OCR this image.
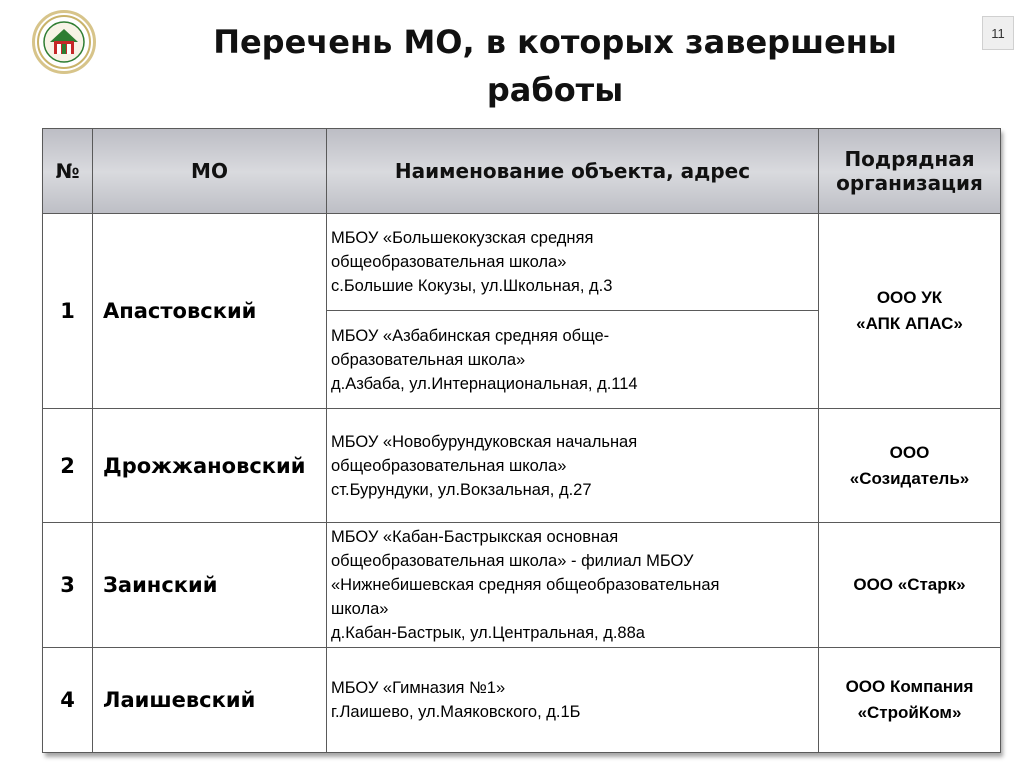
Перечень МО, в которых завершены работы
11
№	МО	Наименование объекта, адрес	Подрядная
организация

1	Апастовский	МБОУ «Большекокузская средняя
общеобразовательная школа»
с.Большие Кокузы, ул.Школьная, д.3	ООО УК
«АПК АПАС»

		МБОУ «Азбабинская средняя обще-
образовательная школа»
д.Азбаба, ул.Интернациональная, д.114	

2	Дрожжановский	МБОУ «Новобурундуковская начальная
общеобразовательная школа»
ст.Бурундуки, ул.Вокзальная, д.27	ООО
«Созидатель»

3	Заинский	МБОУ «Кабан-Бастрыкская основная
общеобразовательная школа» - филиал МБОУ
«Нижнебишевская средняя общеобразовательная
школа»
д.Кабан-Бастрык, ул.Центральная, д.88а	ООО «Старк»

4	Лаишевский	МБОУ «Гимназия №1»
г.Лаишево, ул.Маяковского, д.1Б	ООО Компания
«СтройКом»
